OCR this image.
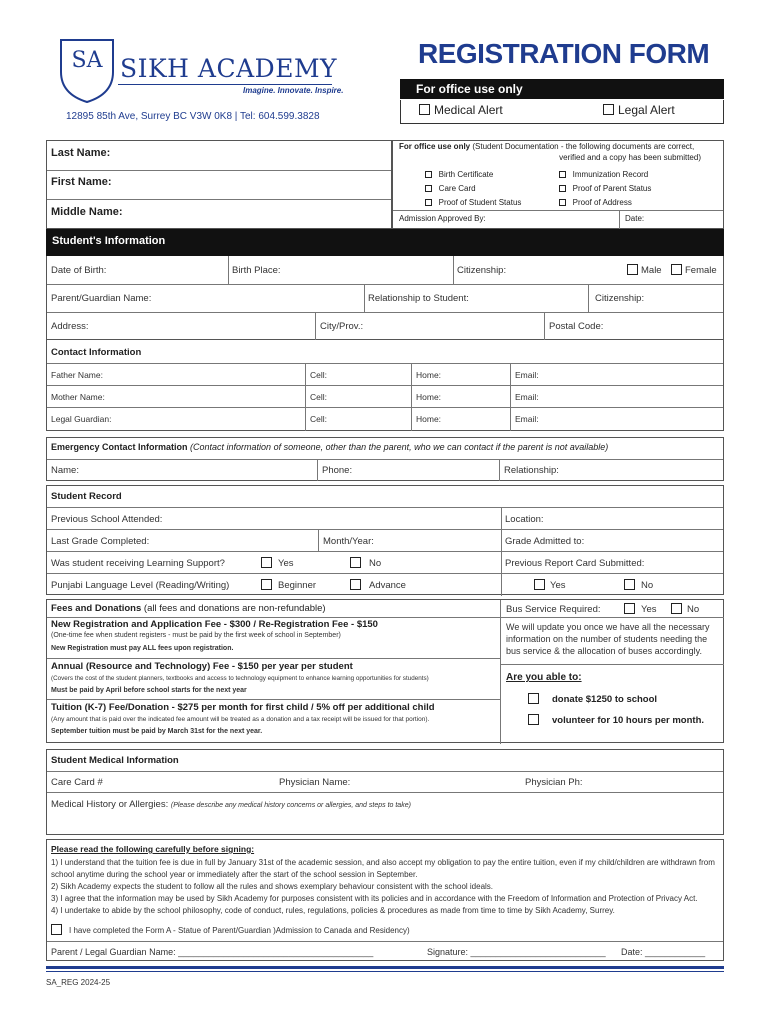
SA SIKH ACADEMY
Imagine. Innovate. Inspire.
12895 85th Ave, Surrey BC V3W 0K8 | Tel: 604.599.3828
REGISTRATION FORM
For office use only
Medical Alert	Legal Alert
Last Name:
First Name:
Middle Name:
For office use only (Student Documentation - the following documents are correct,
verified and a copy has been submitted)
Birth Certificate
Care Card
Proof of Student Status
Immunization Record
Proof of Parent Status
Proof of Address
Admission Approved By:	Date:
Student's Information
Date of Birth:	Birth Place:	Citizenship:	Male Female
Parent/Guardian Name:	Relationship to Student:	Citizenship:
Address:	City/Prov.:	Postal Code:
Contact Information
Father Name:	Cell:	Home:	Email:
Mother Name:	Cell:	Home:	Email:
Legal Guardian:	Cell:	Home:	Email:
Emergency Contact Information (Contact information of someone, other than the parent, who we can contact if the parent is not available)
Name:	Phone:	Relationship:
Student Record
Previous School Attended:	Location:
Last Grade Completed:	Month/Year:	Grade Admitted to:
Was student receiving Learning Support?	Yes	No	Previous Report Card Submitted:
Punjabi Language Level (Reading/Writing)	Beginner	Advance	Yes	No
Fees and Donations (all fees and donations are non-refundable)
New Registration and Application Fee - $300 / Re-Registration Fee - $150
(One-time fee when student registers - must be paid by the first week of school in September)
New Registration must pay ALL fees upon registration.
Annual (Resource and Technology) Fee - $150 per year per student
(Covers the cost of the student planners, textbooks and access to technology equipment to enhance learning opportunities for students)
Must be paid by April before school starts for the next year
Tuition (K-7) Fee/Donation - $275 per month for first child / 5% off per additional child
(Any amount that is paid over the indicated fee amount will be treated as a donation and a tax receipt will be issued for that portion).
September tuition must be paid by March 31st for the next year.
Bus Service Required:	Yes	No
We will update you once we have all the necessary information on the number of students needing the bus service & the allocation of buses accordingly.
Are you able to:
donate $1250 to school
volunteer for 10 hours per month.
Student Medical Information
Care Card #	Physician Name:	Physician Ph:
Medical History or Allergies: (Please describe any medical history concerns or allergies, and steps to take)
Please read the following carefully before signing:
1) I understand that the tuition fee is due in full by January 31st of the academic session, and also accept my obligation to pay the entire tuition, even if my child/children are withdrawn from school anytime during the school year or immediately after the start of the school session in September.
2) Sikh Academy expects the student to follow all the rules and shows exemplary behaviour consistent with the school ideals.
3) I agree that the information may be used by Sikh Academy for purposes consistent with its policies and in accordance with the Freedom of Information and Protection of Privacy Act.
4) I undertake to abide by the school philosophy, code of conduct, rules, regulations, policies & procedures as made from time to time by Sikh Academy, Surrey.
I have completed the Form A - Statue of Parent/Guardian )Admission to Canada and Residency)
Parent / Legal Guardian Name: _______________________________________	Signature: ___________________________ Date: ____________
SA_REG 2024-25
